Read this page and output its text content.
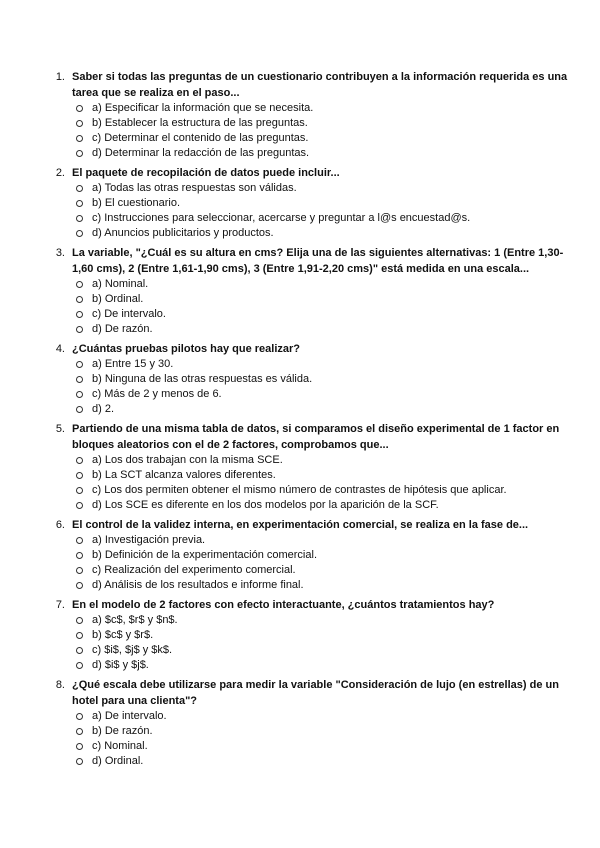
1. Saber si todas las preguntas de un cuestionario contribuyen a la información requerida es una tarea que se realiza en el paso...
a) Especificar la información que se necesita.
b) Establecer la estructura de las preguntas.
c) Determinar el contenido de las preguntas.
d) Determinar la redacción de las preguntas.
2. El paquete de recopilación de datos puede incluir...
a) Todas las otras respuestas son válidas.
b) El cuestionario.
c) Instrucciones para seleccionar, acercarse y preguntar a l@s encuestad@s.
d) Anuncios publicitarios y productos.
3. La variable, "¿Cuál es su altura en cms? Elija una de las siguientes alternativas: 1 (Entre 1,30-1,60 cms), 2 (Entre 1,61-1,90 cms), 3 (Entre 1,91-2,20 cms)" está medida en una escala...
a) Nominal.
b) Ordinal.
c) De intervalo.
d) De razón.
4. ¿Cuántas pruebas pilotos hay que realizar?
a) Entre 15 y 30.
b) Ninguna de las otras respuestas es válida.
c) Más de 2 y menos de 6.
d) 2.
5. Partiendo de una misma tabla de datos, si comparamos el diseño experimental de 1 factor en bloques aleatorios con el de 2 factores, comprobamos que...
a) Los dos trabajan con la misma SCE.
b) La SCT alcanza valores diferentes.
c) Los dos permiten obtener el mismo número de contrastes de hipótesis que aplicar.
d) Los SCE es diferente en los dos modelos por la aparición de la SCF.
6. El control de la validez interna, en experimentación comercial, se realiza en la fase de...
a) Investigación previa.
b) Definición de la experimentación comercial.
c) Realización del experimento comercial.
d) Análisis de los resultados e informe final.
7. En el modelo de 2 factores con efecto interactuante, ¿cuántos tratamientos hay?
a) $c$, $r$ y $n$.
b) $c$ y $r$.
c) $i$, $j$ y $k$.
d) $i$ y $j$.
8. ¿Qué escala debe utilizarse para medir la variable "Consideración de lujo (en estrellas) de un hotel para una clienta"?
a) De intervalo.
b) De razón.
c) Nominal.
d) Ordinal.
